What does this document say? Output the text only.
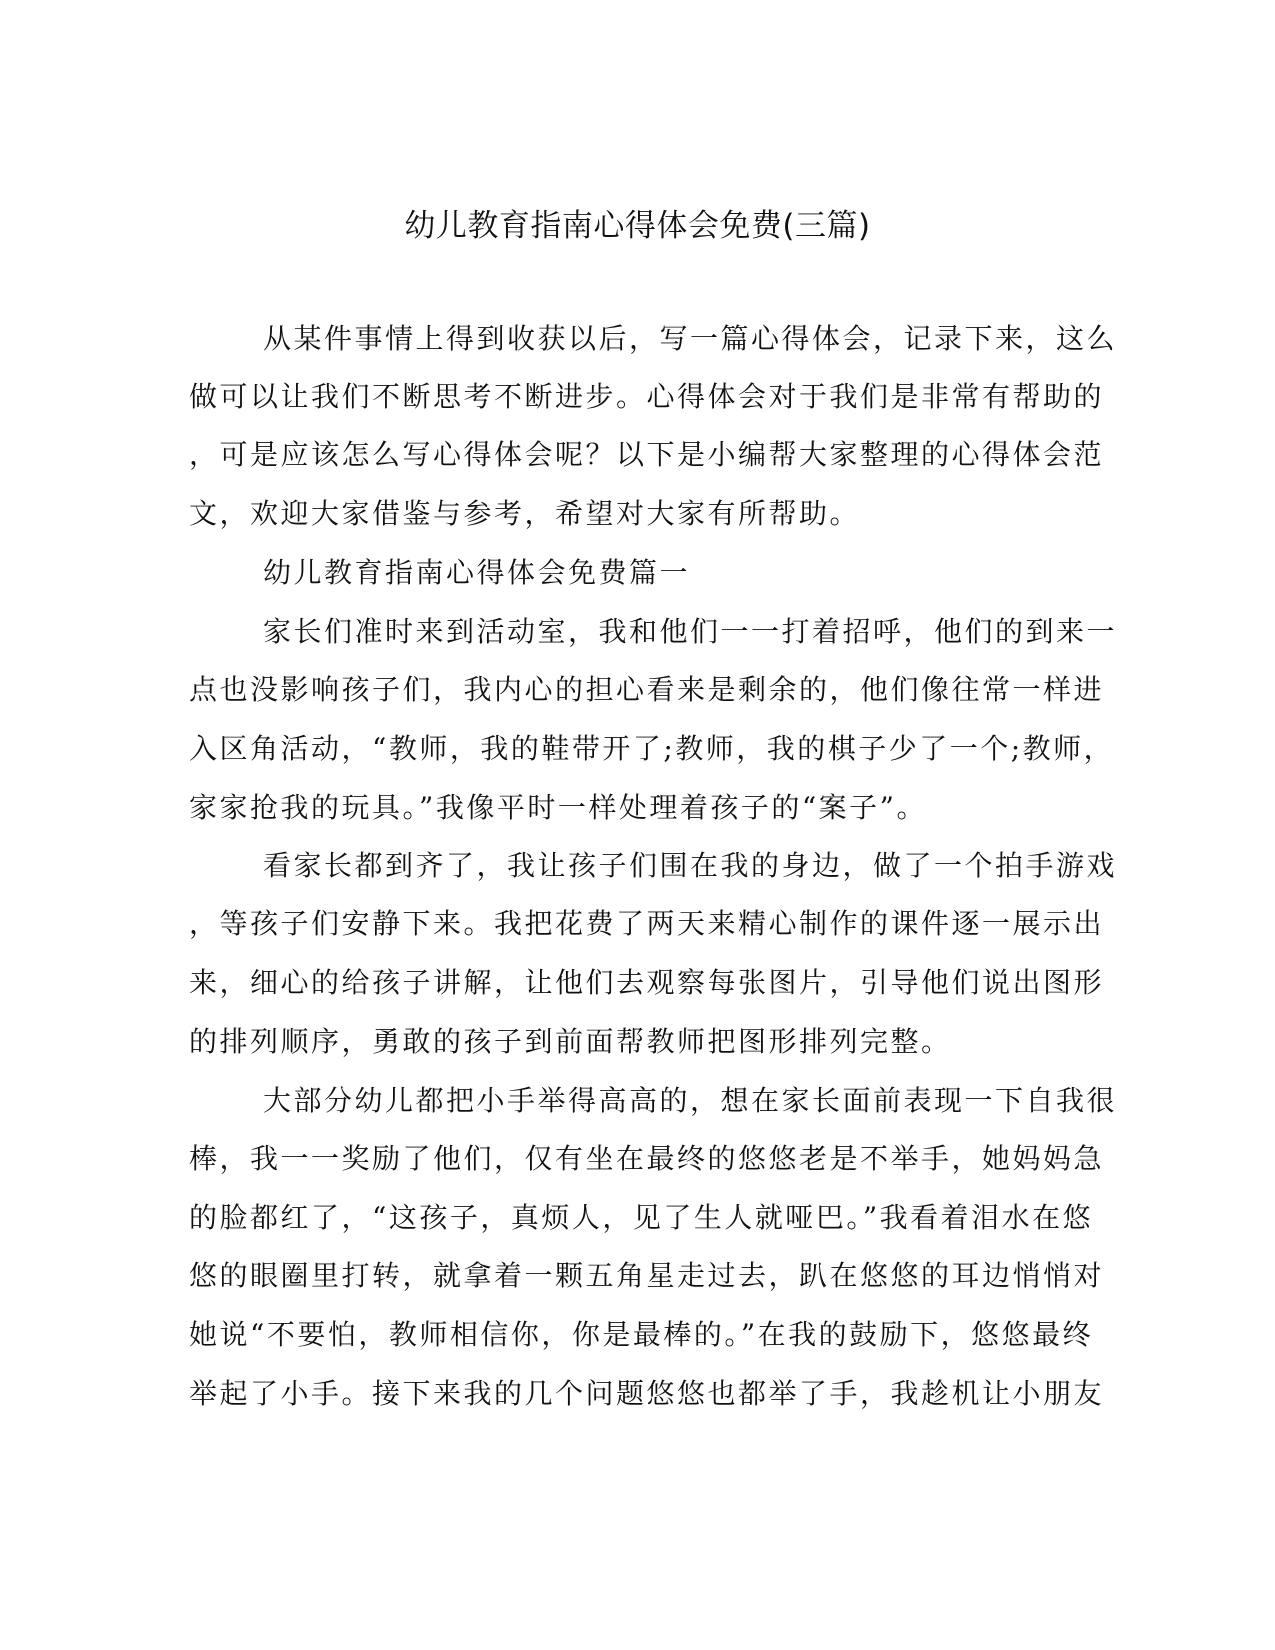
幼儿教育指南心得体会免费(三篇)

从某件事情上得到收获以后，写一篇心得体会，记录下来，这么

做可以让我们不断思考不断进步。心得体会对于我们是非常有帮助的

，可是应该怎么写心得体会呢？以下是小编帮大家整理的心得体会范

文，欢迎大家借鉴与参考，希望对大家有所帮助。

幼儿教育指南心得体会免费篇一

家长们准时来到活动室，我和他们一一打着招呼，他们的到来一

点也没影响孩子们，我内心的担心看来是剩余的，他们像往常一样进

入区角活动，“教师，我的鞋带开了;教师，我的棋子少了一个;教师，

家家抢我的玩具。”我像平时一样处理着孩子的“案子”。

看家长都到齐了，我让孩子们围在我的身边，做了一个拍手游戏

，等孩子们安静下来。我把花费了两天来精心制作的课件逐一展示出

来，细心的给孩子讲解，让他们去观察每张图片，引导他们说出图形

的排列顺序，勇敢的孩子到前面帮教师把图形排列完整。

大部分幼儿都把小手举得高高的，想在家长面前表现一下自我很

棒，我一一奖励了他们，仅有坐在最终的悠悠老是不举手，她妈妈急

的脸都红了，“这孩子，真烦人，见了生人就哑巴。”我看着泪水在悠

悠的眼圈里打转，就拿着一颗五角星走过去，趴在悠悠的耳边悄悄对

她说“不要怕，教师相信你，你是最棒的。”在我的鼓励下，悠悠最终

举起了小手。接下来我的几个问题悠悠也都举了手，我趁机让小朋友
